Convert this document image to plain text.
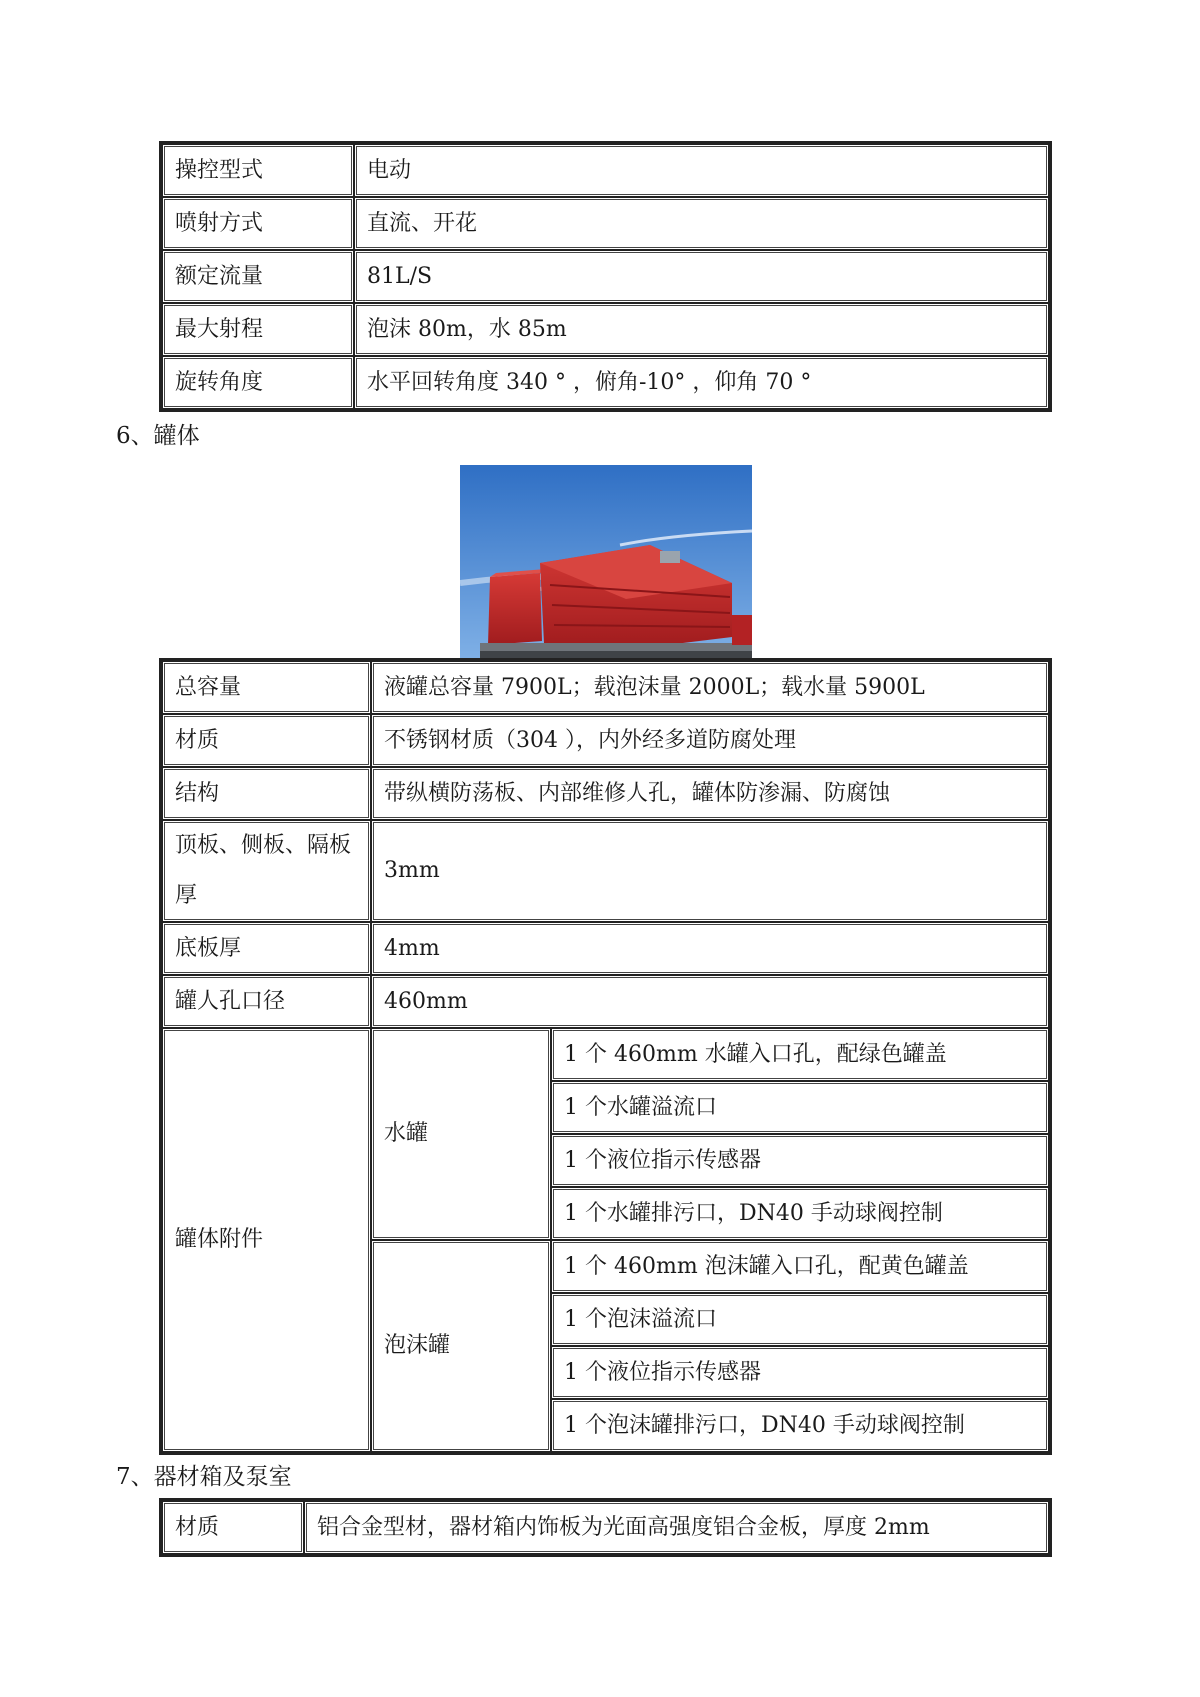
操控型式	电动
喷射方式	直流、开花
额定流量	81L/S
最大射程	泡沫 80m，水 85m
旋转角度	水平回转角度 340 ° ，俯角-10° ，仰角 70 °
6、罐体
总容量	液罐总容量 7900L；载泡沫量 2000L；载水量 5900L	
材质	不锈钢材质（304 ），内外经多道防腐处理	
结构	带纵横防荡板、内部维修人孔，罐体防渗漏、防腐蚀	
顶板、侧板、隔板厚	3mm	
底板厚	4mm	
罐人孔口径	460mm	
罐体附件	水罐	1 个 460mm 水罐入口孔，配绿色罐盖
		1 个水罐溢流口
		1 个液位指示传感器
		1 个水罐排污口，DN40 手动球阀控制
	泡沫罐	1 个 460mm 泡沫罐入口孔，配黄色罐盖
		1 个泡沫溢流口
		1 个液位指示传感器
		1 个泡沫罐排污口，DN40 手动球阀控制
7、器材箱及泵室
材质	铝合金型材，器材箱内饰板为光面高强度铝合金板，厚度 2mm
